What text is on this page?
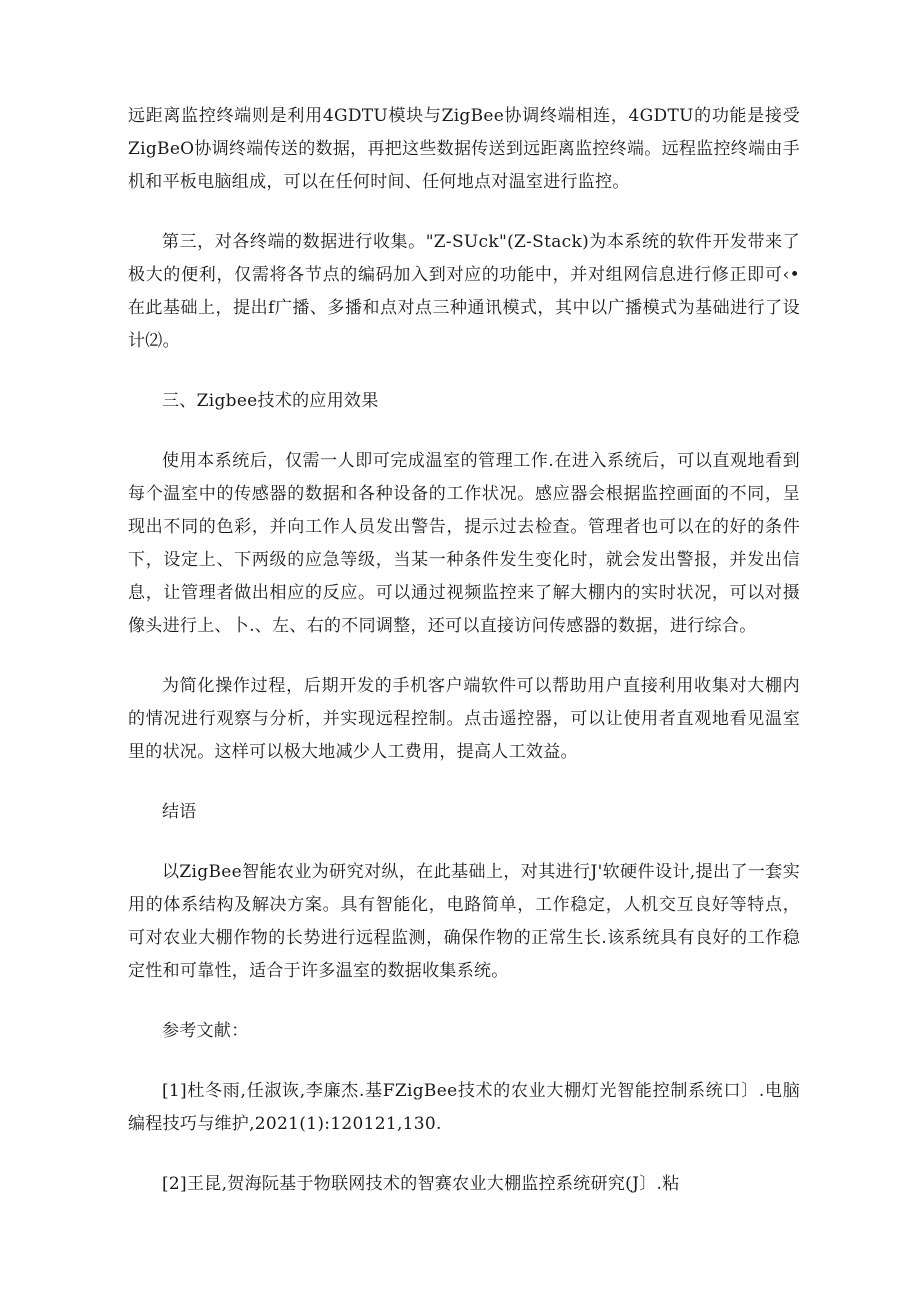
远距离监控终端则是利用4GDTU模块与ZigBee协调终端相连，4GDTU的功能是接受ZigBeO协调终端传送的数据，再把这些数据传送到远距离监控终端。远程监控终端由手机和平板电脑组成，可以在任何时间、任何地点对温室进行监控。

第三，对各终端的数据进行收集。"Z-SUck"(Z-Stack)为本系统的软件开发带来了极大的便利，仅需将各节点的编码加入到对应的功能中，并对组网信息进行修正即可‹•在此基础上，提出f广播、多播和点对点三种通讯模式，其中以广播模式为基础进行了设计⑵。

三、Zigbee技术的应用效果

使用本系统后，仅需一人即可完成温室的管理工作.在进入系统后，可以直观地看到每个温室中的传感器的数据和各种设备的工作状况。感应器会根据监控画面的不同，呈现出不同的色彩，并向工作人员发出警告，提示过去检查。管理者也可以在的好的条件下，设定上、下两级的应急等级，当某一种条件发生变化时，就会发出警报，并发出信息，让管理者做出相应的反应。可以通过视频监控来了解大棚内的实时状况，可以对摄像头进行上、卜.、左、右的不同调整，还可以直接访问传感器的数据，进行综合。

为简化操作过程，后期开发的手机客户端软件可以帮助用户直接利用收集对大棚内的情况进行观察与分析，并实现远程控制。点击遥控器，可以让使用者直观地看见温室里的状况。这样可以极大地减少人工费用，提高人工效益。

结语

以ZigBee智能农业为研究对纵，在此基础上，对其进行J'软硬件设计,提出了一套实用的体系结构及解决方案。具有智能化，电路简单，工作稳定，人机交互良好等特点，可对农业大棚作物的长势进行远程监测，确保作物的正常生长.该系统具有良好的工作稳定性和可靠性，适合于许多温室的数据收集系统。

参考文献：

[1]杜冬雨,任淑诙,李廉杰.基FZigBee技术的农业大棚灯光智能控制系统口〕.电脑编程技巧与维护,2021(1):120121,130.

[2]王昆,贺海阮基于物联网技术的智赛农业大棚监控系统研究(J〕.粘
